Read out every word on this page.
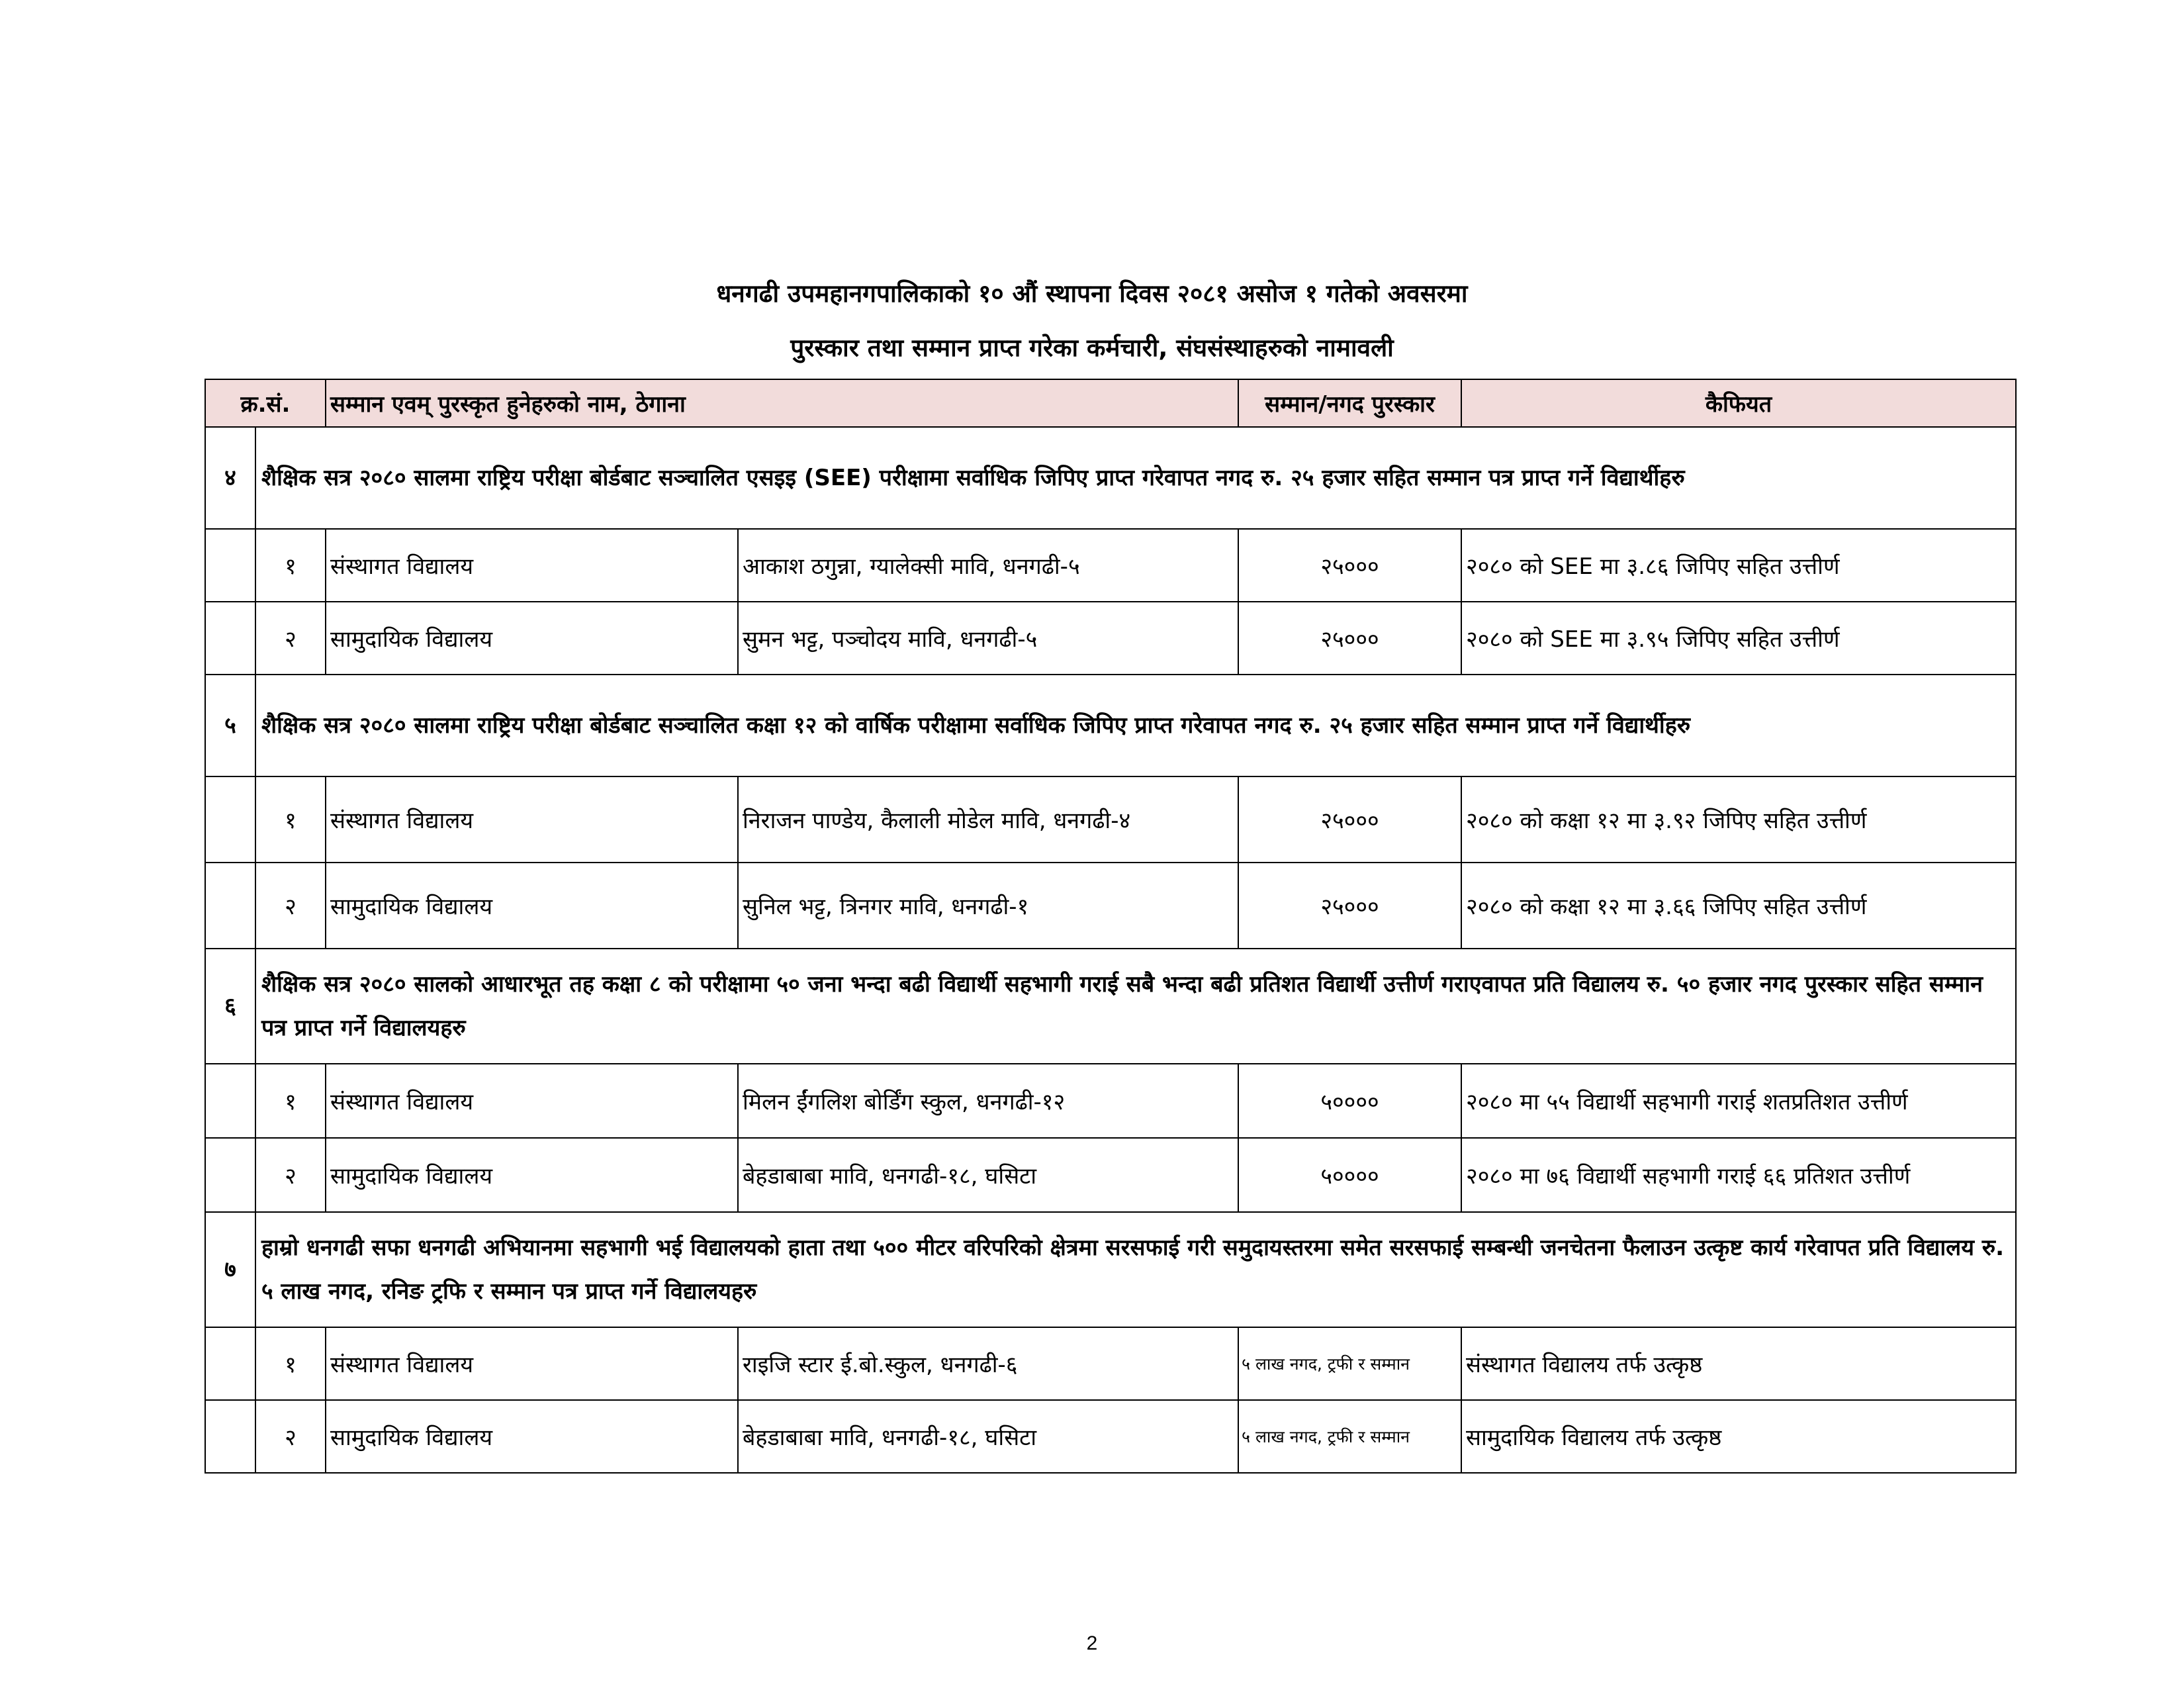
धनगढी उपमहानगपालिकाको १० औं स्थापना दिवस २०८१ असोज १ गतेको अवसरमा
पुरस्कार तथा सम्मान प्राप्त गरेका कर्मचारी, संघसंस्थाहरुको नामावली
क्र.सं.		सम्मान एवम् पुरस्कृत हुनेहरुको नाम, ठेगाना		सम्मान/नगद पुरस्कार	कैफियत
४	शैक्षिक सत्र २०८० सालमा राष्ट्रिय परीक्षा बोर्डबाट सञ्चालित एसइइ (SEE) परीक्षामा सर्वाधिक जिपिए प्राप्त गरेवापत नगद रु. २५ हजार सहित सम्मान पत्र प्राप्त गर्ने विद्यार्थीहरु				
	१	संस्थागत विद्यालय	आकाश ठगुन्ना, ग्यालेक्सी मावि, धनगढी-५	२५०००	२०८० को SEE मा ३.८६ जिपिए सहित उत्तीर्ण
	२	सामुदायिक विद्यालय	सुमन भट्ट, पञ्चोदय मावि, धनगढी-५	२५०००	२०८० को SEE मा ३.९५ जिपिए सहित उत्तीर्ण
५	शैक्षिक सत्र २०८० सालमा राष्ट्रिय परीक्षा बोर्डबाट सञ्चालित कक्षा १२ को वार्षिक परीक्षामा सर्वाधिक जिपिए प्राप्त गरेवापत नगद रु. २५ हजार सहित सम्मान प्राप्त गर्ने विद्यार्थीहरु				
	१	संस्थागत विद्यालय	निराजन पाण्डेय, कैलाली मोडेल मावि, धनगढी-४	२५०००	२०८० को कक्षा १२ मा ३.९२ जिपिए सहित उत्तीर्ण
	२	सामुदायिक विद्यालय	सुनिल भट्ट, त्रिनगर मावि, धनगढी-१	२५०००	२०८० को कक्षा १२ मा ३.६६ जिपिए सहित उत्तीर्ण
६	शैक्षिक सत्र २०८० सालको आधारभूत तह कक्षा ८ को परीक्षामा ५० जना भन्दा बढी विद्यार्थी सहभागी गराई सबै भन्दा बढी प्रतिशत विद्यार्थी उत्तीर्ण गराएवापत प्रति विद्यालय रु. ५० हजार नगद पुरस्कार सहित सम्मान पत्र प्राप्त गर्ने विद्यालयहरु				
	१	संस्थागत विद्यालय	मिलन ईंगलिश बोर्डिंग स्कुल, धनगढी-१२	५००००	२०८० मा ५५ विद्यार्थी सहभागी गराई शतप्रतिशत उत्तीर्ण
	२	सामुदायिक विद्यालय	बेहडाबाबा मावि, धनगढी-१८, घसिटा	५००००	२०८० मा ७६ विद्यार्थी सहभागी गराई ६६ प्रतिशत उत्तीर्ण
७	हाम्रो धनगढी सफा धनगढी अभियानमा सहभागी भई विद्यालयको हाता तथा ५०० मीटर वरिपरिको क्षेत्रमा सरसफाई गरी समुदायस्तरमा समेत सरसफाई सम्बन्धी जनचेतना फैलाउन उत्कृष्ट कार्य गरेवापत प्रति विद्यालय रु. ५ लाख नगद, रनिङ ट्रफि र सम्मान पत्र प्राप्त गर्ने विद्यालयहरु				
	१	संस्थागत विद्यालय	राइजि स्टार ई.बो.स्कुल, धनगढी-६	५ लाख नगद, ट्रफी र सम्मान	संस्थागत विद्यालय तर्फ उत्कृष्ठ
	२	सामुदायिक विद्यालय	बेहडाबाबा मावि, धनगढी-१८, घसिटा	५ लाख नगद, ट्रफी र सम्मान	सामुदायिक विद्यालय तर्फ उत्कृष्ठ
2
